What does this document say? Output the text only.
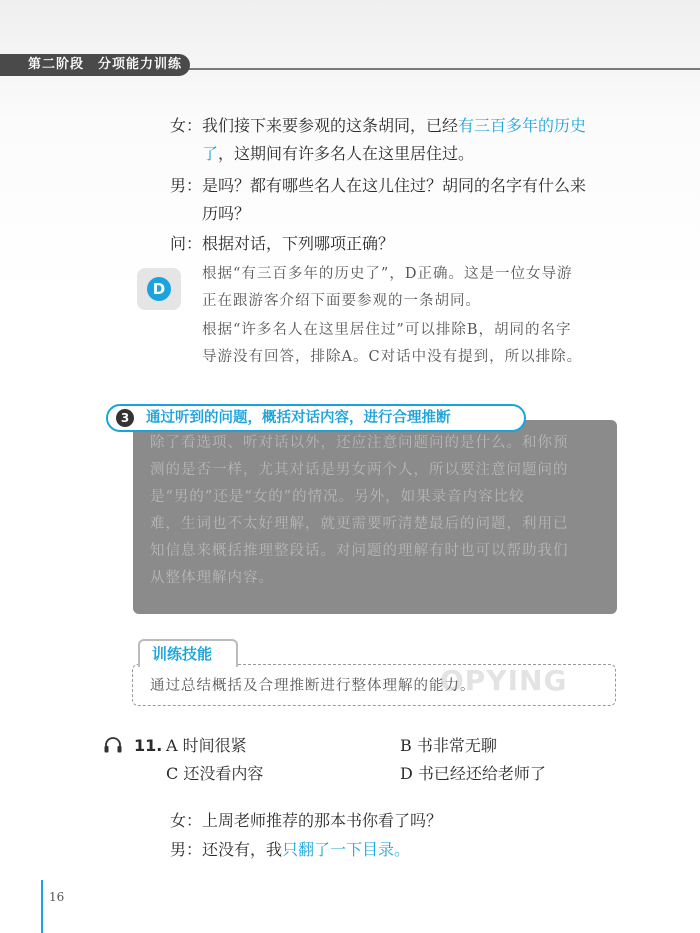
第二阶段　分项能力训练
女：我们接下来要参观的这条胡同，已经有三百多年的历史
了，这期间有许多名人在这里居住过。
男：是吗？都有哪些名人在这儿住过？胡同的名字有什么来
历吗？
问：根据对话，下列哪项正确？
D
根据“有三百多年的历史了”，D正确。这是一位女导游
正在跟游客介绍下面要参观的一条胡同。
根据“许多名人在这里居住过”可以排除B，胡同的名字
导游没有回答，排除A。C对话中没有提到，所以排除。
除了看选项、听对话以外，还应注意问题问的是什么。和你预
测的是否一样，尤其对话是男女两个人，所以要注意问题问的
是“男的”还是“女的”的情况。另外，如果录音内容比较
难，生词也不太好理解，就更需要听清楚最后的问题，利用已
知信息来概括推理整段话。对问题的理解有时也可以帮助我们
从整体理解内容。
3	通过听到的问题，概括对话内容，进行合理推断
OPYING
训练技能
通过总结概括及合理推断进行整体理解的能力。
11. A 时间很紧	B 书非常无聊
C 还没看内容	D 书已经还给老师了
女：上周老师推荐的那本书你看了吗？
男：还没有，我只翻了一下目录。
16
